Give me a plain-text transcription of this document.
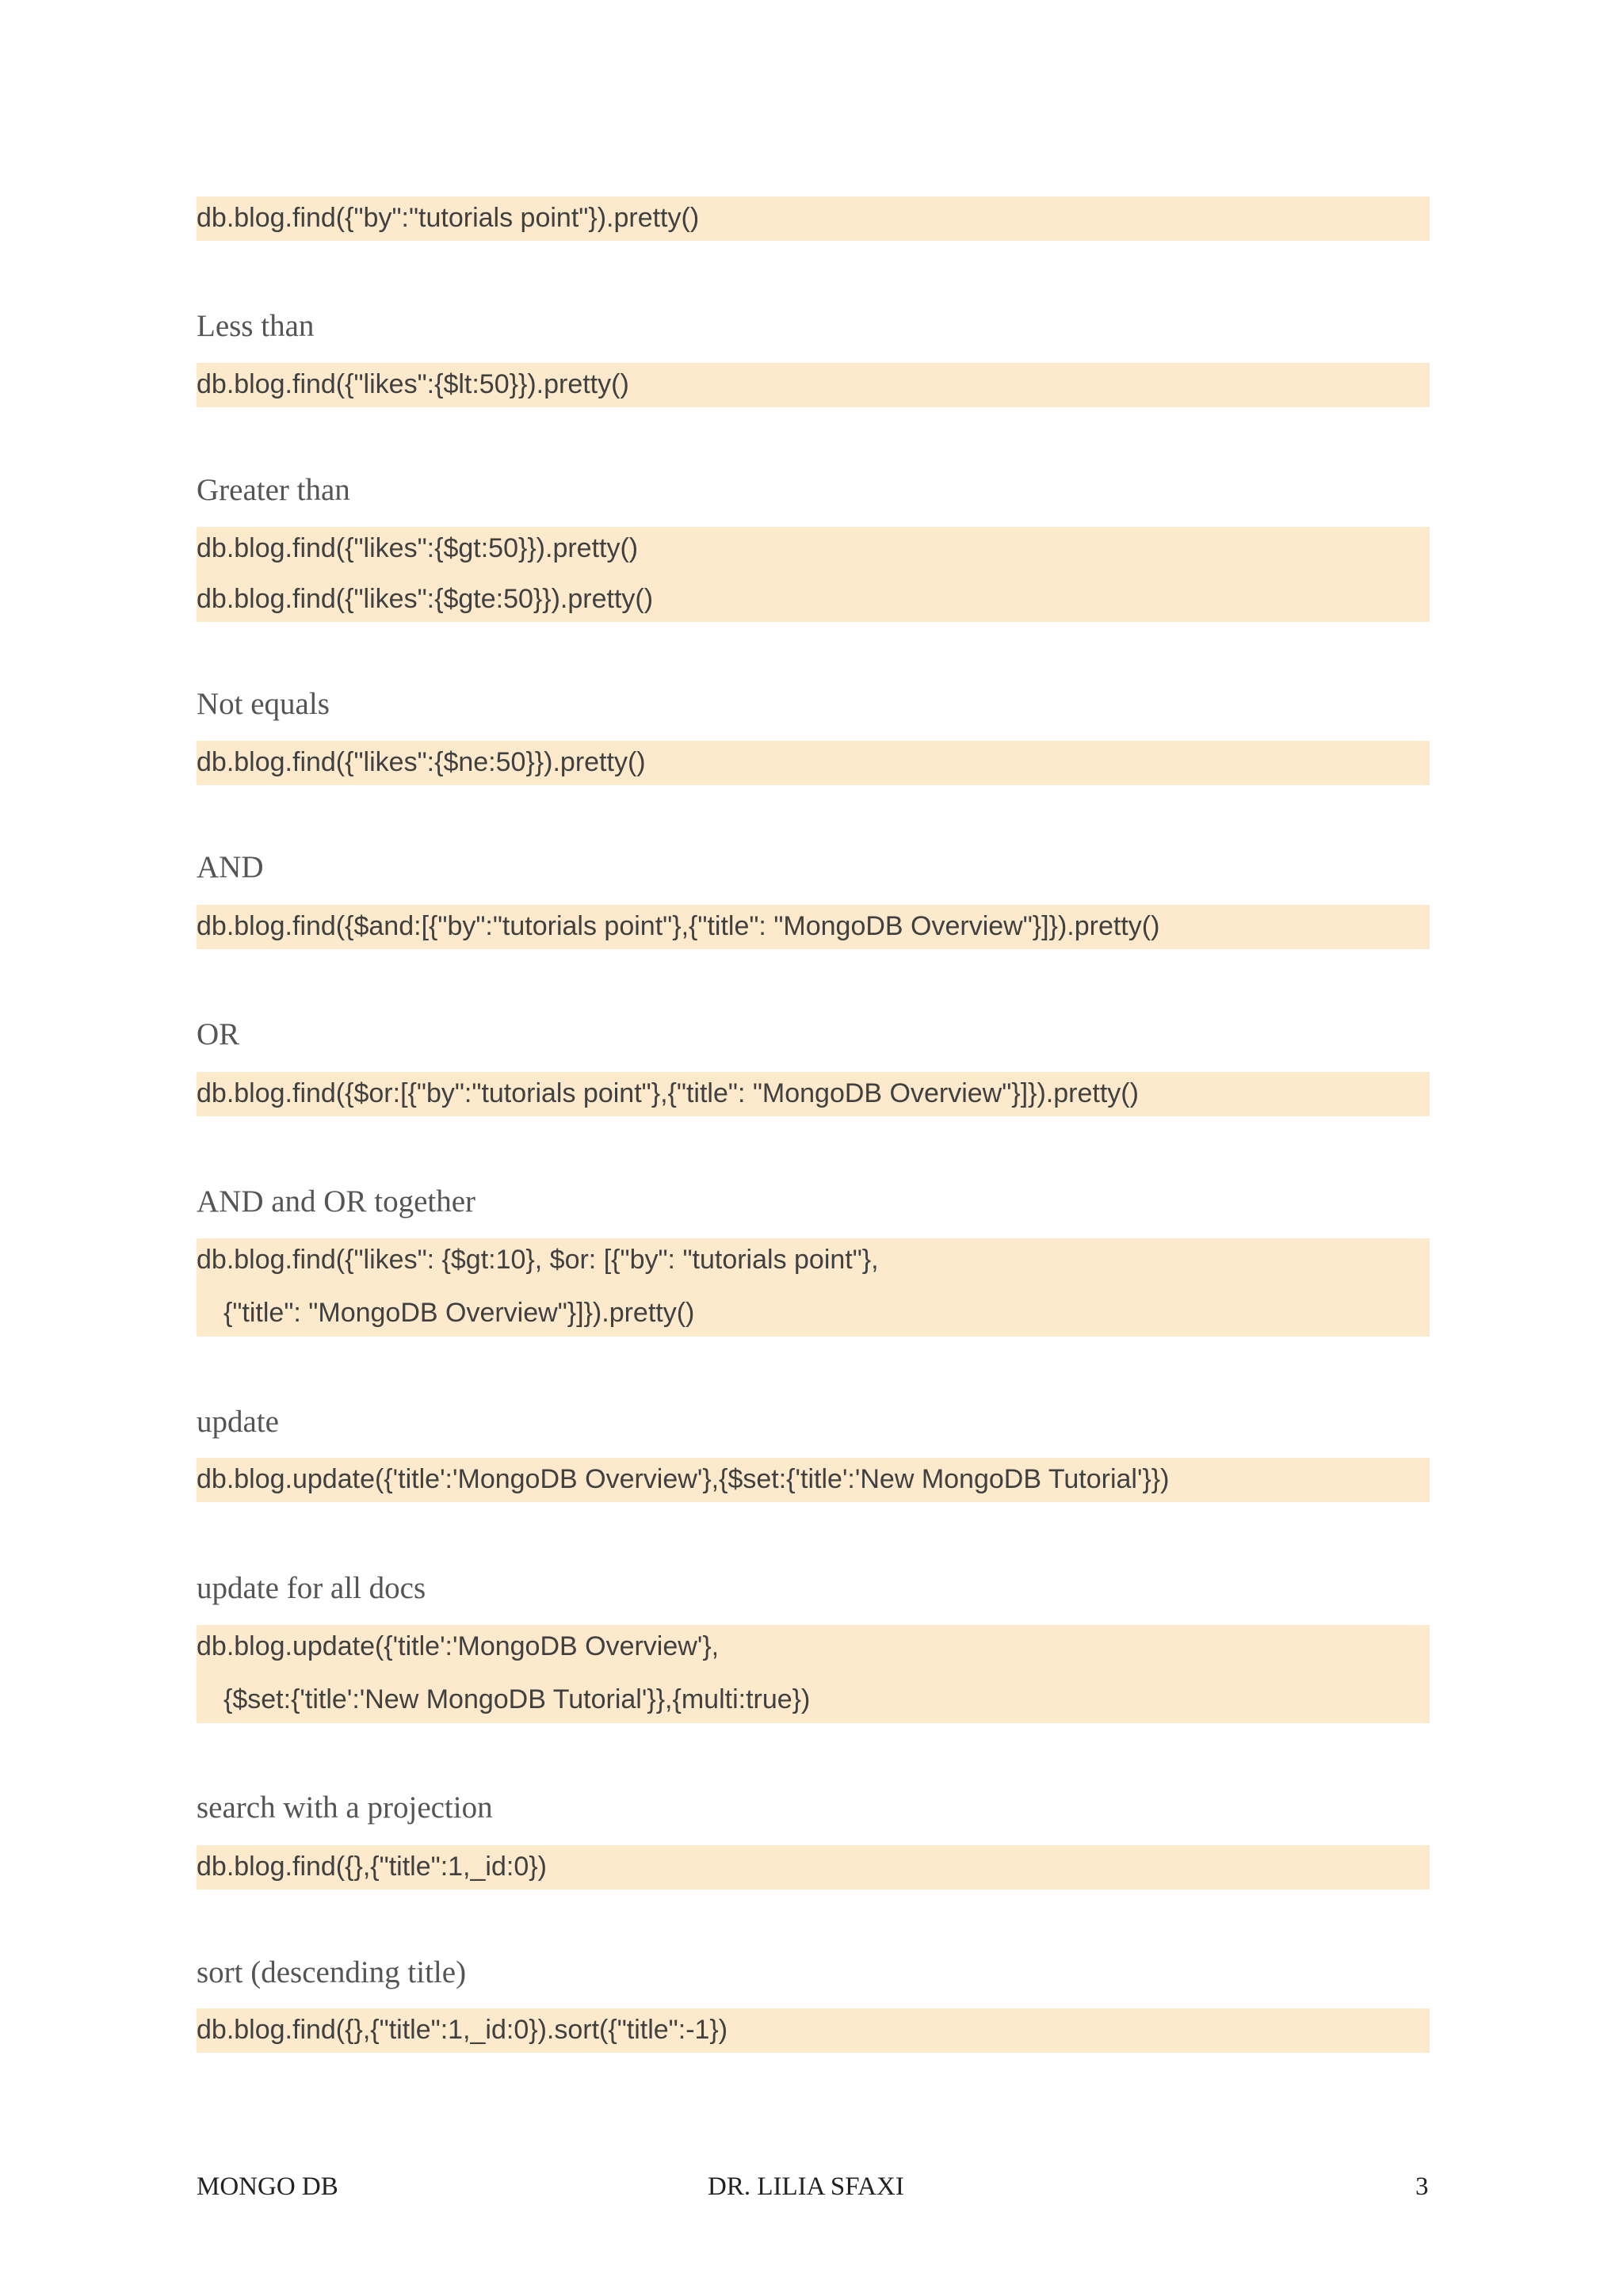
db.blog.find({"by":"tutorials point"}).pretty()
Less than
db.blog.find({"likes":{$lt:50}}).pretty()
Greater than
db.blog.find({"likes":{$gt:50}}).pretty()
db.blog.find({"likes":{$gte:50}}).pretty()
Not equals
db.blog.find({"likes":{$ne:50}}).pretty()
AND
db.blog.find({$and:[{"by":"tutorials point"},{"title": "MongoDB Overview"}]}).pretty()
OR
db.blog.find({$or:[{"by":"tutorials point"},{"title": "MongoDB Overview"}]}).pretty()
AND and OR together
db.blog.find({"likes": {$gt:10}, $or: [{"by": "tutorials point"},
{"title": "MongoDB Overview"}]}).pretty()
update
db.blog.update({'title':'MongoDB Overview'},{$set:{'title':'New MongoDB Tutorial'}})
update for all docs
db.blog.update({'title':'MongoDB Overview'},
{$set:{'title':'New MongoDB Tutorial'}},{multi:true})
search with a projection
db.blog.find({},{"title":1,_id:0})
sort (descending title)
db.blog.find({},{"title":1,_id:0}).sort({"title":-1})
MONGO DB	DR. LILIA SFAXI	3
